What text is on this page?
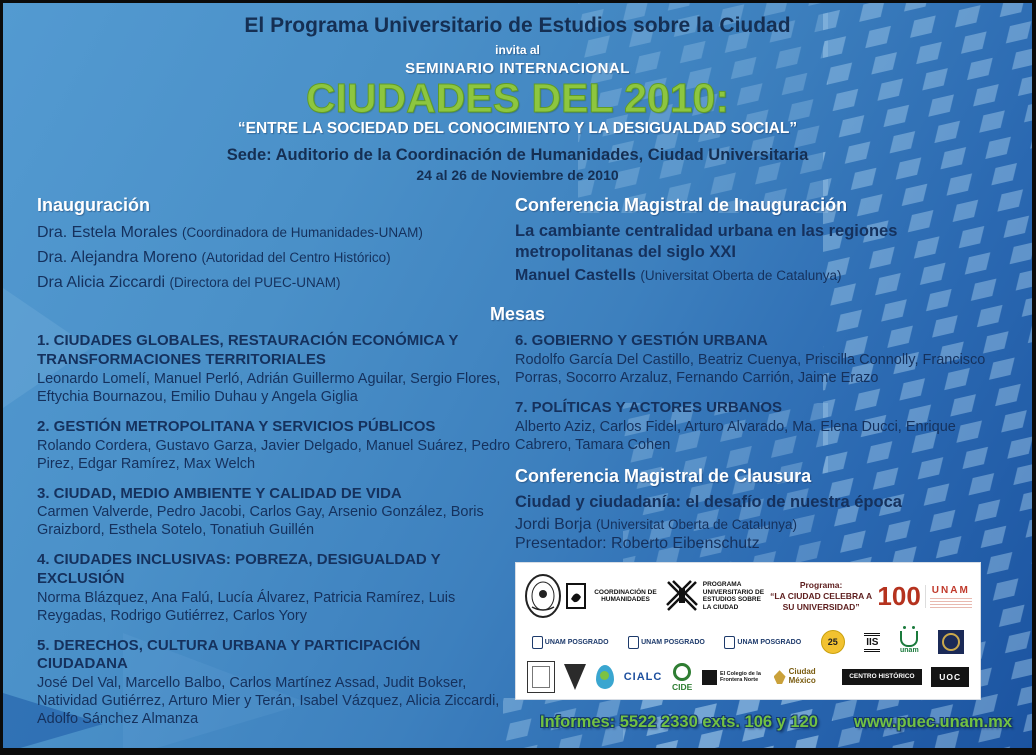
El Programa Universitario de Estudios sobre la Ciudad
invita al
SEMINARIO INTERNACIONAL
CIUDADES DEL 2010:
“ENTRE LA SOCIEDAD DEL CONOCIMIENTO Y LA DESIGUALDAD SOCIAL”
Sede: Auditorio de la Coordinación de Humanidades, Ciudad Universitaria
24 al 26 de Noviembre de 2010
Inauguración
Dra. Estela Morales (Coordinadora de Humanidades-UNAM)
Dra. Alejandra Moreno (Autoridad del Centro Histórico)
Dra Alicia Ziccardi (Directora del PUEC-UNAM)
Conferencia Magistral de Inauguración
La cambiante centralidad urbana en las regiones metropolitanas del siglo XXI
Manuel Castells (Universitat Oberta de Catalunya)
Mesas
1. CIUDADES GLOBALES, RESTAURACIÓN ECONÓMICA Y TRANSFORMACIONES TERRITORIALES
Leonardo Lomelí, Manuel Perló, Adrián Guillermo Aguilar, Sergio Flores, Eftychia Bournazou, Emilio Duhau y Angela Giglia
2. GESTIÓN METROPOLITANA Y SERVICIOS PÚBLICOS
Rolando Cordera, Gustavo Garza, Javier Delgado, Manuel Suárez, Pedro Pirez, Edgar Ramírez, Max Welch
3. CIUDAD, MEDIO AMBIENTE Y CALIDAD DE VIDA
Carmen Valverde, Pedro Jacobi, Carlos Gay, Arsenio González, Boris Graizbord, Esthela Sotelo, Tonatiuh Guillén
4. CIUDADES INCLUSIVAS: POBREZA, DESIGUALDAD Y EXCLUSIÓN
Norma Blázquez, Ana Falú, Lucía Álvarez, Patricia Ramírez, Luis Reygadas, Rodrigo Gutiérrez, Carlos Yory
5. DERECHOS, CULTURA URBANA Y PARTICIPACIÓN CIUDADANA
José Del Val, Marcello Balbo, Carlos Martínez Assad, Judit Bokser, Natividad Gutiérrez, Arturo Mier y Terán, Isabel Vázquez, Alicia Ziccardi, Adolfo Sánchez Almanza
6. GOBIERNO Y GESTIÓN URBANA
Rodolfo García Del Castillo, Beatriz Cuenya, Priscilla Connolly, Francisco Porras, Socorro Arzaluz, Fernando Carrión, Jaime Erazo
7. POLÍTICAS Y ACTORES URBANOS
Alberto Aziz, Carlos Fidel, Arturo Alvarado, Ma. Elena Ducci, Enrique Cabrero, Tamara Cohen
Conferencia Magistral de Clausura
Ciudad y ciudadanía: el desafío de nuestra época
Jordi Borja (Universitat Oberta de Catalunya)
Presentador: Roberto Eibenschutz
COORDINACIÓN DE HUMANIDADES
PROGRAMA UNIVERSITARIO DE ESTUDIOS SOBRE LA CIUDAD
Programa:
“LA CIUDAD CELEBRA A SU UNIVERSIDAD” 100 UNAM
UNAM POSGRADO	UNAM POSGRADO	UNAM POSGRADO	25	IIS
unam
CIALC
CIDE
El Colegio de la Frontera Norte
Ciudad México	CENTRO HISTÓRICO	UOC
Informes: 5522 2330 exts. 106 y 120 www.puec.unam.mx
